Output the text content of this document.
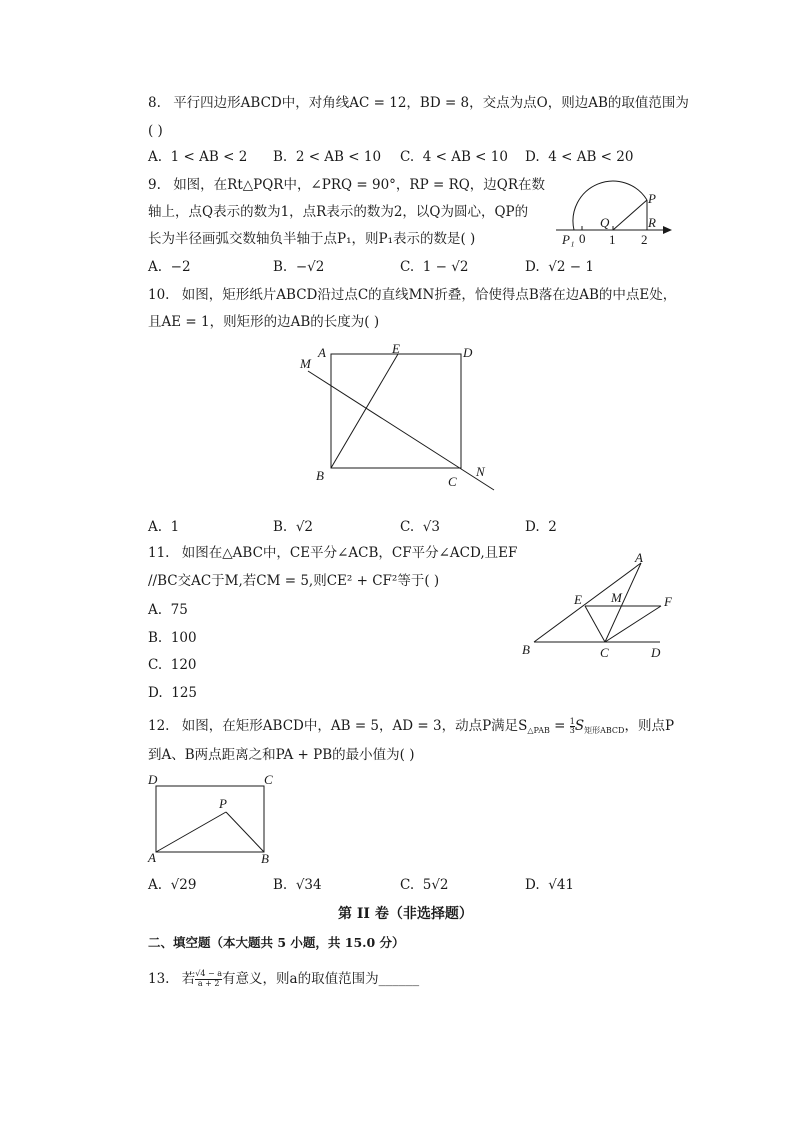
8. 平行四边形ABCD中，对角线AC = 12，BD = 8，交点为点O，则边AB的取值范围为
( )
A. 1 < AB < 2 B. 2 < AB < 10 C. 4 < AB < 10 D. 4 < AB < 20
9. 如图，在Rt△PQR中，∠PRQ = 90°，RP = RQ，边QR在数
轴上，点Q表示的数为1，点R表示的数为2，以Q为圆心，QP的
长为半径画弧交数轴负半轴于点P₁，则P₁表示的数是( )
A. −2	B. −√2	C. 1 − √2	D. √2 − 1
P
R
Q
P₁ 0 1 2
10. 如图，矩形纸片ABCD沿过点C的直线MN折叠，恰使得点B落在边AB的中点E处，
且AE = 1，则矩形的边AB的长度为( )
A	E	D
M
B	C
N
A. 1	B. √2	C. √3	D. 2
11. 如图在△ABC中，CE平分∠ACB，CF平分∠ACD,且EF
//BC交AC于M,若CM = 5,则CE² + CF²等于( )
A. 75
B. 100
C. 120
D. 125
A
E M	F
B	C	D
12. 如图，在矩形ABCD中，AB = 5，AD = 3，动点P满足$S_{\triangle PAB} = \frac{1}{3} S_{矩形ABCD}$，则点P
到A、B两点距离之和PA + PB的最小值为( )
D	C
P
A	B
A. √29	B. √34	C. 5√2	D. √41
第 II 卷（非选择题）
二、填空题（本大题共 5 小题，共 15.0 分）
13. 若 $\frac{√4 - a}{a + 2}$ 有意义，则a的取值范围为______
